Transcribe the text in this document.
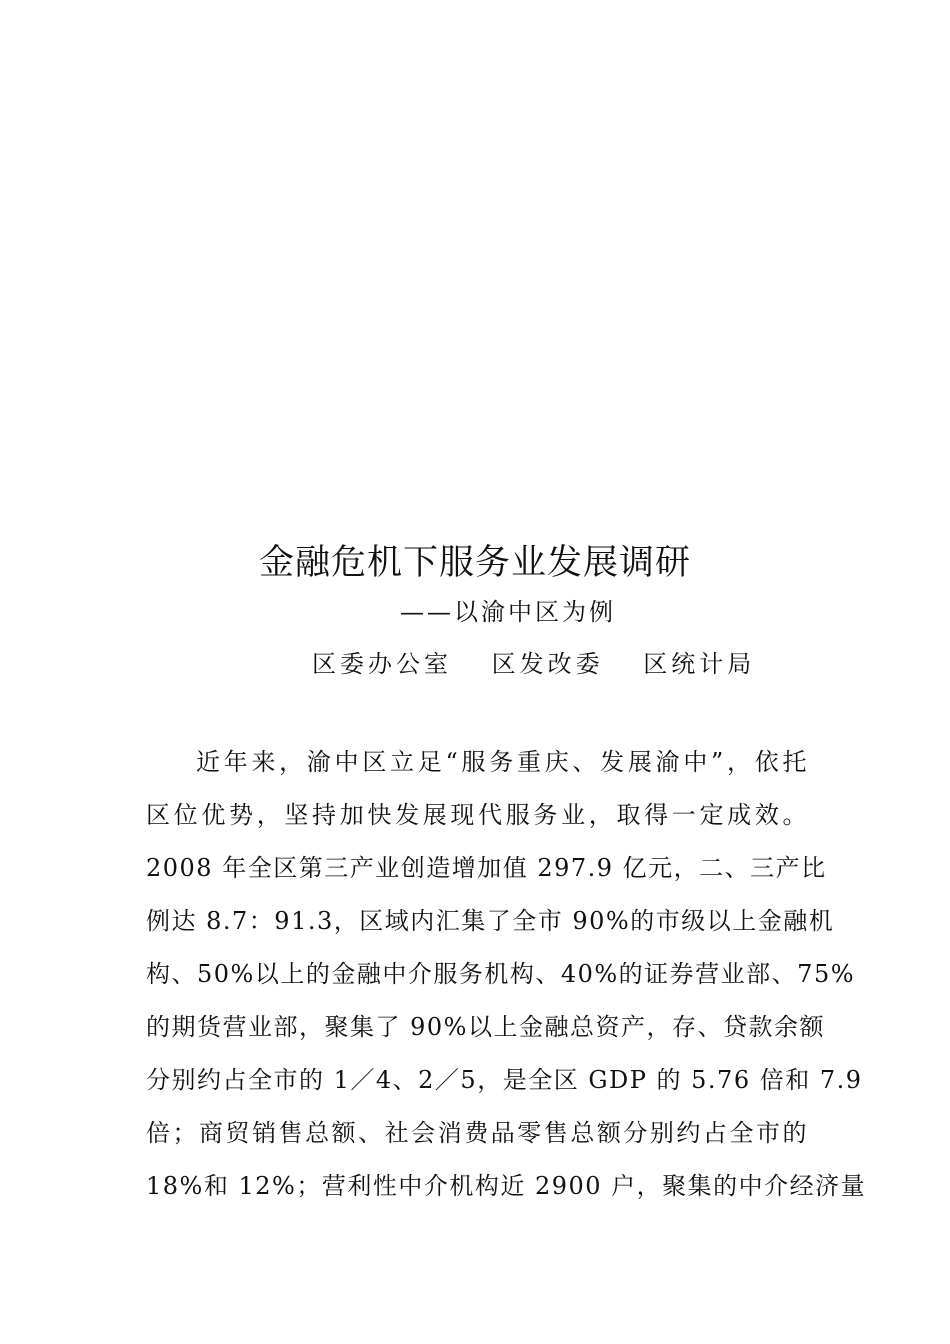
金融危机下服务业发展调研
——以渝中区为例
区委办公室 区发改委 区统计局
近年来，渝中区立足“服务重庆、发展渝中”，依托
区位优势，坚持加快发展现代服务业，取得一定成效。
2008 年全区第三产业创造增加值 297.9 亿元，二、三产比
例达 8.7：91.3，区域内汇集了全市 90%的市级以上金融机
构、50%以上的金融中介服务机构、40%的证券营业部、75%
的期货营业部，聚集了 90%以上金融总资产，存、贷款余额
分别约占全市的 1／4、2／5，是全区 GDP 的 5.76 倍和 7.9
倍；商贸销售总额、社会消费品零售总额分别约占全市的
18%和 12%；营利性中介机构近 2900 户，聚集的中介经济量
